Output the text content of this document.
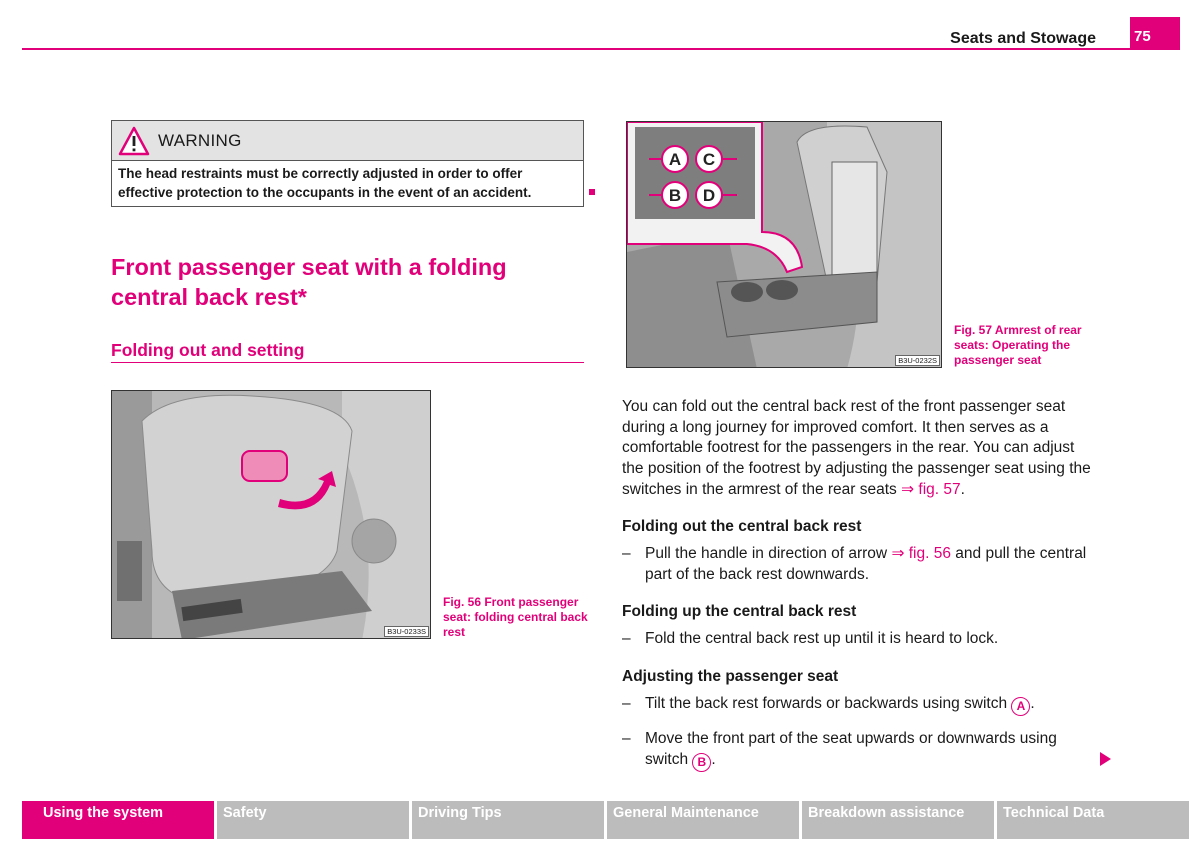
Seats and Stowage	75
WARNING
The head restraints must be correctly adjusted in order to offer effective protection to the occupants in the event of an accident.
Front passenger seat with a folding central back rest*
Folding out and setting
B3U-0233S
Fig. 56 Front passenger seat: folding central back rest
A C
B D
B3U-0232S
Fig. 57 Armrest of rear seats: Operating the passenger seat
You can fold out the central back rest of the front passenger seat during a long journey for improved comfort. It then serves as a comfortable footrest for the passengers in the rear. You can adjust the position of the footrest by adjusting the passenger seat using the switches in the armrest of the rear seats ⇒ fig. 57.
Folding out the central back rest
– Pull the handle in direction of arrow ⇒ fig. 56 and pull the central part of the back rest downwards.
Folding up the central back rest
– Fold the central back rest up until it is heard to lock.
Adjusting the passenger seat
– Tilt the back rest forwards or backwards using switch A .
– Move the front part of the seat upwards or downwards using switch B .
Using the system	Safety	Driving Tips	General Maintenance	Breakdown assistance	Technical Data
